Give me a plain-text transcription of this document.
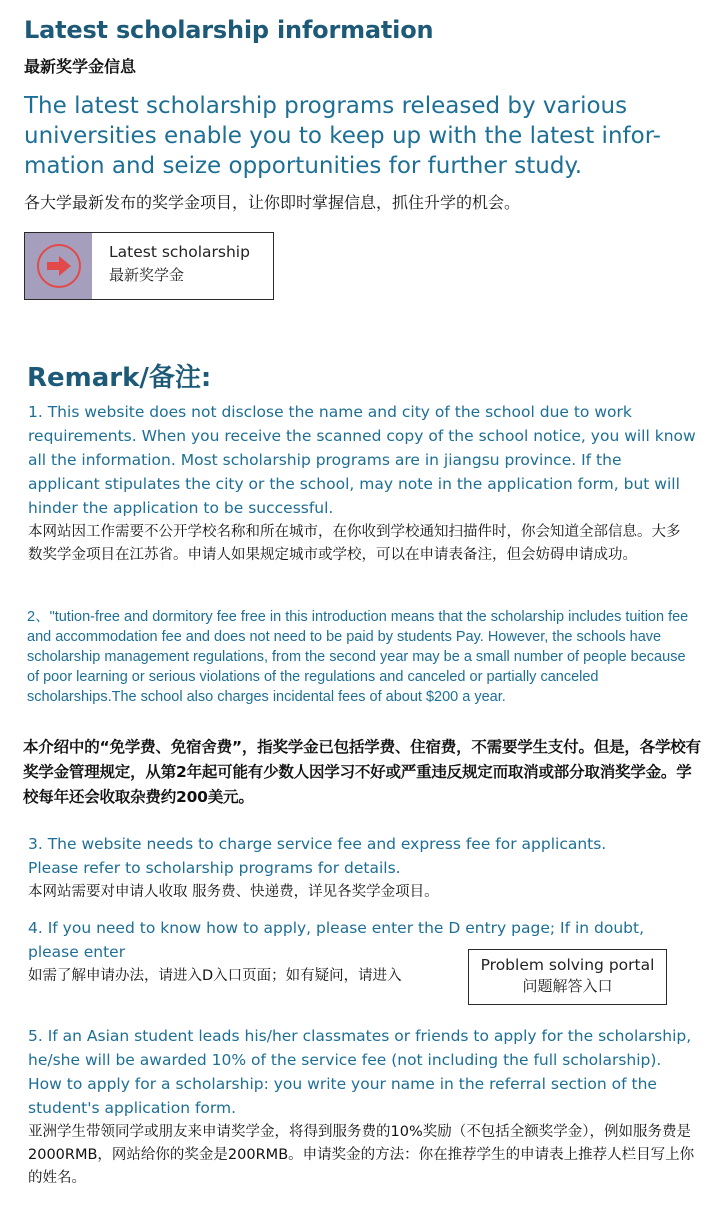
Latest scholarship information
最新奖学金信息
The latest scholarship programs released by various universities enable you to keep up with the latest infor-mation and seize opportunities for further study.
各大学最新发布的奖学金项目，让你即时掌握信息，抓住升学的机会。
Latest scholarship
最新奖学金
Remark/备注:
1. This website does not disclose the name and city of the school due to work requirements. When you receive the scanned copy of the school notice, you will know all the information. Most scholarship programs are in jiangsu province. If the applicant stipulates the city or the school, may note in the application form, but will hinder the application to be successful.
本网站因工作需要不公开学校名称和所在城市，在你收到学校通知扫描件时，你会知道全部信息。大多数奖学金项目在江苏省。申请人如果规定城市或学校，可以在申请表备注，但会妨碍申请成功。
2、"tution-free and dormitory fee free in this introduction means that the scholarship includes tuition fee and accommodation fee and does not need to be paid by students Pay. However, the schools have scholarship management regulations, from the second year may be a small number of people because of poor learning or serious violations of the regulations and canceled or partially canceled scholarships.The school also charges incidental fees of about $200 a year.
本介绍中的“免学费、免宿舍费”，指奖学金已包括学费、住宿费，不需要学生支付。但是，各学校有奖学金管理规定，从第2年起可能有少数人因学习不好或严重违反规定而取消或部分取消奖学金。学校每年还会收取杂费约200美元。
3. The website needs to charge service fee and express fee for applicants. Please refer to scholarship programs for details.
本网站需要对申请人收取 服务费、快递费，详见各奖学金项目。
4. If you need to know how to apply, please enter the D entry page; If in doubt, please enter
如需了解申请办法，请进入D入口页面；如有疑问，请进入
Problem solving portal
问题解答入口
5. If an Asian student leads his/her classmates or friends to apply for the scholarship, he/she will be awarded 10% of the service fee (not including the full scholarship). How to apply for a scholarship: you write your name in the referral section of the student's application form.
亚洲学生带领同学或朋友来申请奖学金，将得到服务费的10%奖励（不包括全额奖学金），例如服务费是2000RMB，网站给你的奖金是200RMB。申请奖金的方法：你在推荐学生的申请表上推荐人栏目写上你的姓名。
